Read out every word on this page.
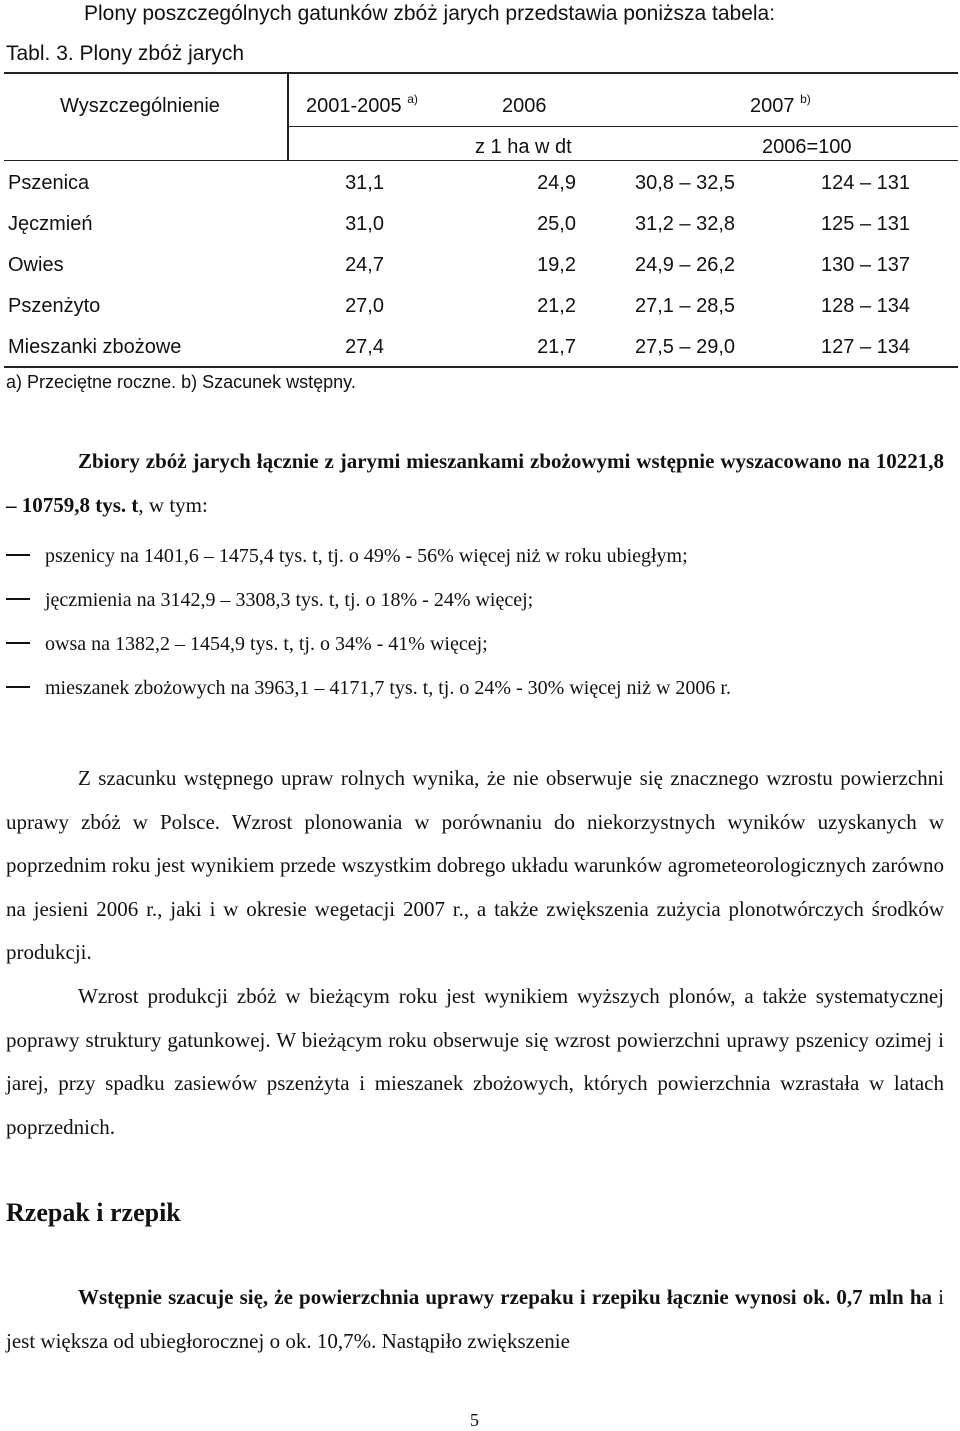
Plony poszczególnych gatunków zbóż jarych przedstawia poniższa tabela:
Tabl. 3. Plony zbóż jarych
Wyszczególnienie	2001-2005 $^{a)}$	2006	2007 $^{b)}$
z 1 ha w dt	2006=100
Pszenica	31,1	24,9	30,8 – 32,5	124 – 131
Jęczmień	31,0	25,0	31,2 – 32,8	125 – 131
Owies	24,7	19,2	24,9 – 26,2	130 – 137
Pszenżyto	27,0	21,2	27,1 – 28,5	128 – 134
Mieszanki zbożowe	27,4	21,7	27,5 – 29,0	127 – 134
a) Przeciętne roczne. b) Szacunek wstępny.
Zbiory zbóż jarych łącznie z jarymi mieszankami zbożowymi wstępnie wyszacowano na 10221,8 – 10759,8 tys. t, w tym:
pszenicy na 1401,6 – 1475,4 tys. t, tj. o 49% - 56% więcej niż w roku ubiegłym;
jęczmienia na 3142,9 – 3308,3 tys. t, tj. o 18% - 24% więcej;
owsa na 1382,2 – 1454,9 tys. t, tj. o 34% - 41% więcej;
mieszanek zbożowych na 3963,1 – 4171,7 tys. t, tj. o 24% - 30% więcej niż w 2006 r.
Z szacunku wstępnego upraw rolnych wynika, że nie obserwuje się znacznego wzrostu powierzchni uprawy zbóż w Polsce. Wzrost plonowania w porównaniu do niekorzystnych wyników uzyskanych w poprzednim roku jest wynikiem przede wszystkim dobrego układu warunków agrometeorologicznych zarówno na jesieni 2006 r., jaki i w okresie wegetacji 2007 r., a także zwiększenia zużycia plonotwórczych środków produkcji.
Wzrost produkcji zbóż w bieżącym roku jest wynikiem wyższych plonów, a także systematycznej poprawy struktury gatunkowej. W bieżącym roku obserwuje się wzrost powierzchni uprawy pszenicy ozimej i jarej, przy spadku zasiewów pszenżyta i mieszanek zbożowych, których powierzchnia wzrastała w latach poprzednich.
Rzepak i rzepik
Wstępnie szacuje się, że powierzchnia uprawy rzepaku i rzepiku łącznie wynosi ok. 0,7 mln ha i jest większa od ubiegłorocznej o ok. 10,7%. Nastąpiło zwiększenie
5
